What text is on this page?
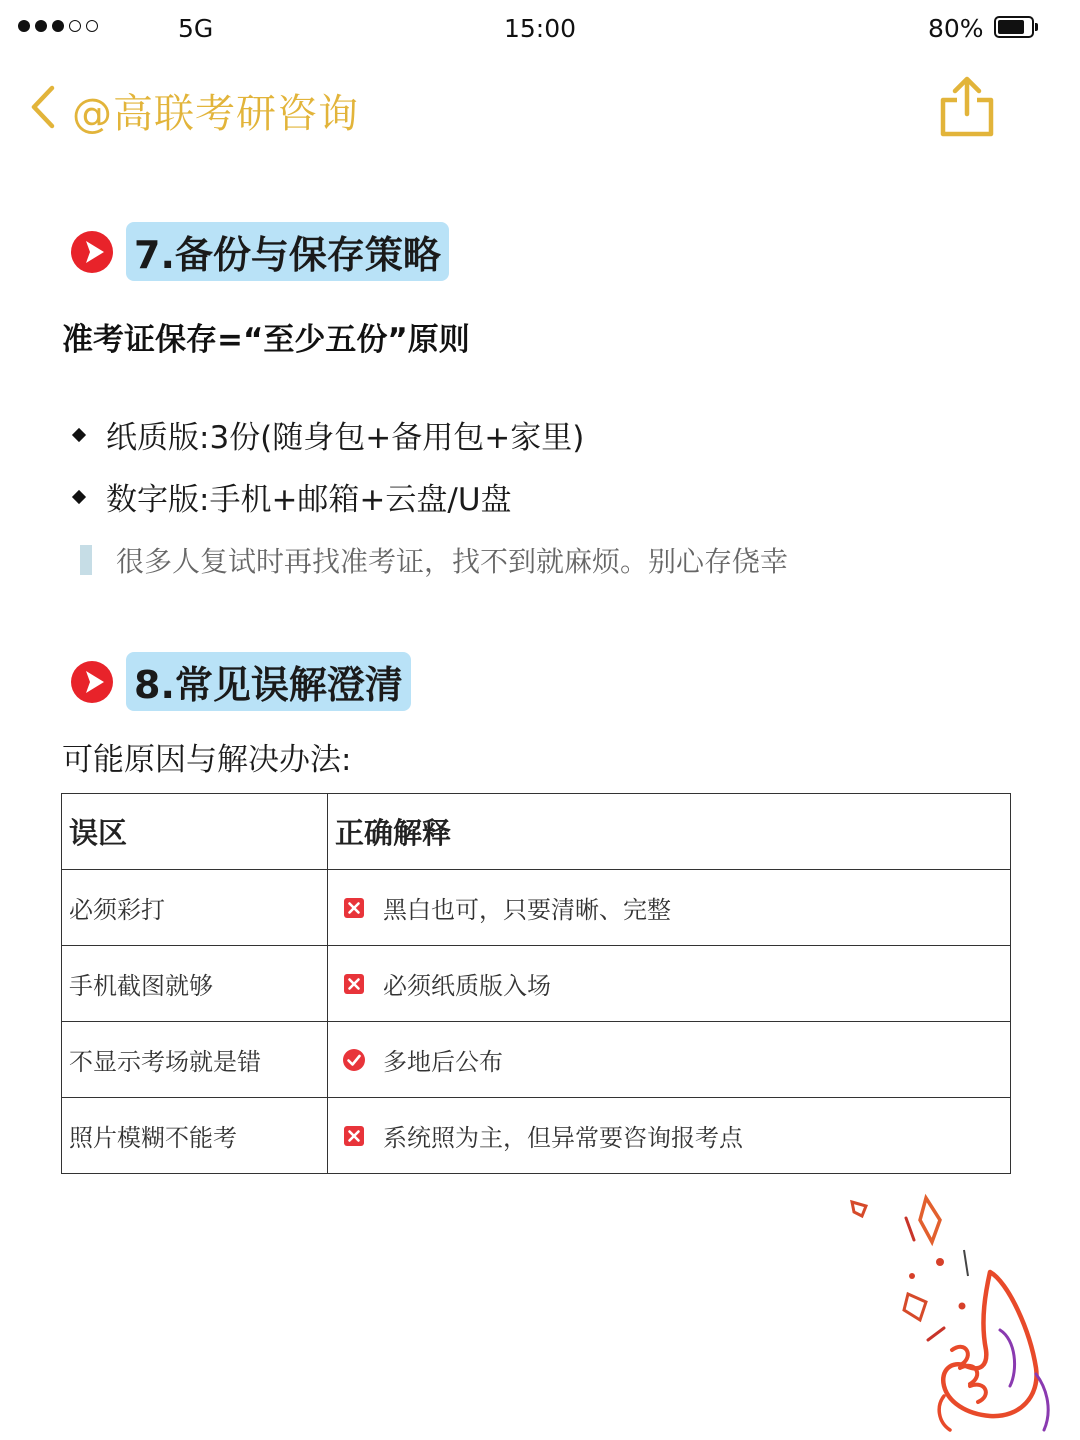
5G	15:00	80%
@高联考研咨询
7.备份与保存策略
准考证保存=“至少五份”原则
纸质版:3份(随身包+备用包+家里)
数字版:手机+邮箱+云盘/U盘
很多人复试时再找准考证，找不到就麻烦。别心存侥幸
8.常见误解澄清
可能原因与解决办法:
误区	正确解释
必须彩打	黑白也可，只要清晰、完整

手机截图就够	必须纸质版入场

不显示考场就是错	多地后公布

照片模糊不能考	系统照为主，但异常要咨询报考点
